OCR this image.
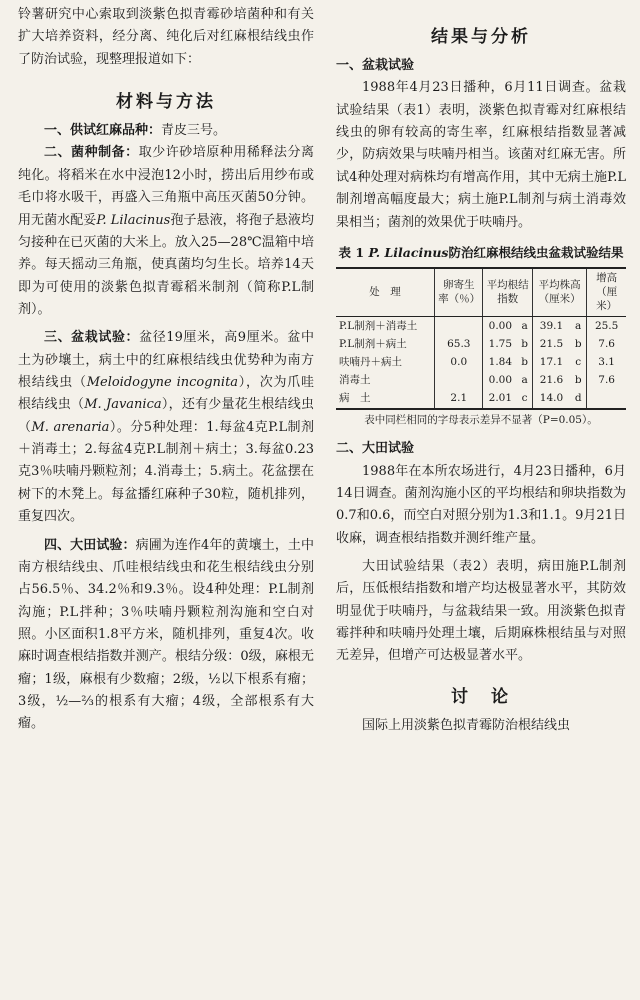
铃薯研究中心索取到淡紫色拟青霉砂培菌种和有关扩大培养资料，经分离、纯化后对红麻根结线虫作了防治试验，现整理报道如下：

材料与方法

一、供试红麻品种：青皮三号。

二、菌种制备：取少许砂培原种用稀释法分离纯化。将稻米在水中浸泡12小时，捞出后用纱布或毛巾将水吸干，再盛入三角瓶中高压灭菌50分钟。用无菌水配妥P. Lilacinus孢子悬液，将孢子悬液均匀接种在已灭菌的大米上。放入25—28℃温箱中培养。每天摇动三角瓶，使真菌均匀生长。培养14天即为可使用的淡紫色拟青霉稻米制剂（简称P.L制剂）。

三、盆栽试验：盆径19厘米，高9厘米。盆中土为砂壤土，病土中的红麻根结线虫优势种为南方根结线虫（Meloidogyne incognita），次为爪哇根结线虫（M. Javanica），还有少量花生根结线虫（M. arenaria）。分5种处理：1.每盆4克P.L制剂＋消毒土；2.每盆4克P.L制剂＋病土；3.每盆0.23克3％呋喃丹颗粒剂；4.消毒土；5.病土。花盆摆在树下的木凳上。每盆播红麻种子30粒，随机排列，重复四次。

四、大田试验：病圃为连作4年的黄壤土，土中南方根结线虫、爪哇根结线虫和花生根结线虫分别占56.5％、34.2％和9.3％。设4种处理：P.L制剂沟施；P.L拌种；3％呋喃丹颗粒剂沟施和空白对照。小区面积1.8平方米，随机排列，重复4次。收麻时调查根结指数并测产。根结分级：0级，麻根无瘤；1级，麻根有少数瘤；2级，½以下根系有瘤；3级，½—⅔的根系有大瘤；4级，全部根系有大瘤。

结果与分析

一、盆栽试验

1988年4月23日播种，6月11日调查。盆栽试验结果（表1）表明，淡紫色拟青霉对红麻根结线虫的卵有较高的寄生率，红麻根结指数显著减少，防病效果与呋喃丹相当。该菌对红麻无害。所试4种处理对病株均有增高作用，其中无病土施P.L制剂增高幅度最大；病土施P.L制剂与病土消毒效果相当；菌剂的效果优于呋喃丹。

表 1 P. Lilacinus防治红麻根结线虫盆栽试验结果
处　理	卵寄生率（％）	平均根结指数		平均株高（厘米）		增高（厘米）
P.L制剂＋消毒土		0.00	a	39.1	a	25.5
P.L制剂＋病土	65.3	1.75	b	21.5	b	7.6
呋喃丹＋病土	0.0	1.84	b	17.1	c	3.1
消毒土		0.00	a	21.6	b	7.6
病　土	2.1	2.01	c	14.0	d	
表中同栏相同的字母表示差异不显著（P=0.05）。

二、大田试验

1988年在本所农场进行，4月23日播种，6月14日调查。菌剂沟施小区的平均根结和卵块指数为0.7和0.6，而空白对照分别为1.3和1.1。9月21日收麻，调查根结指数并测纤维产量。

大田试验结果（表2）表明，病田施P.L制剂后，压低根结指数和增产均达极显著水平，其防效明显优于呋喃丹，与盆栽结果一致。用淡紫色拟青霉拌种和呋喃丹处理土壤，后期麻株根结虽与对照无差异，但增产可达极显著水平。

讨　论

国际上用淡紫色拟青霉防治根结线虫
